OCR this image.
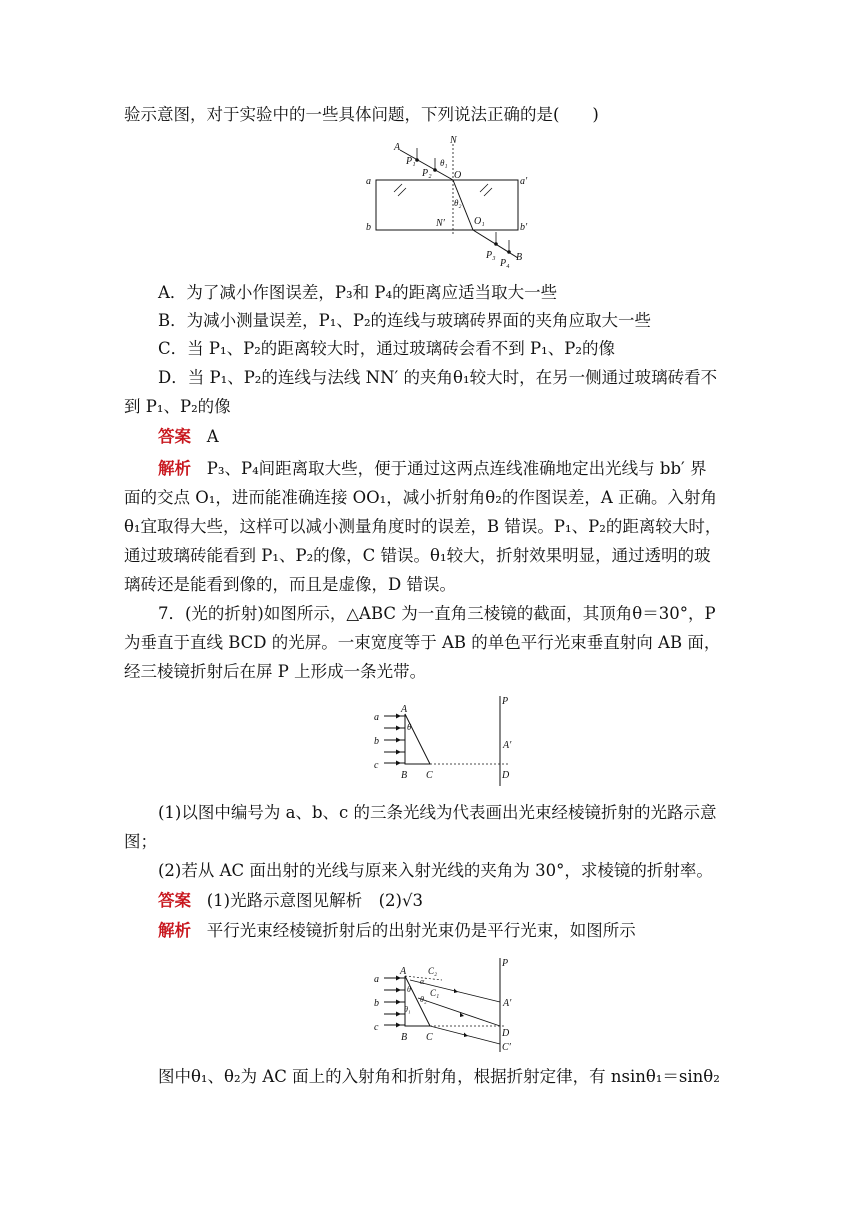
验示意图，对于实验中的一些具体问题，下列说法正确的是(　　)
A
N
P₁
P₂
θ₁
O
a	a′
b	b′
θ₂
N′	O₁
P₃
P₄
B
A．为了减小作图误差，P₃和 P₄的距离应适当取大一些
B．为减小测量误差，P₁、P₂的连线与玻璃砖界面的夹角应取大一些
C．当 P₁、P₂的距离较大时，通过玻璃砖会看不到 P₁、P₂的像
D．当 P₁、P₂的连线与法线 NN′ 的夹角θ₁较大时，在另一侧通过玻璃砖看不
到 P₁、P₂的像
答案 A
解析 P₃、P₄间距离取大些，便于通过这两点连线准确地定出光线与 bb′ 界
面的交点 O₁，进而能准确连接 OO₁，减小折射角θ₂的作图误差，A 正确。入射角
θ₁宜取得大些，这样可以减小测量角度时的误差，B 错误。P₁、P₂的距离较大时，
通过玻璃砖能看到 P₁、P₂的像，C 错误。θ₁较大，折射效果明显，通过透明的玻
璃砖还是能看到像的，而且是虚像，D 错误。
7．(光的折射)如图所示，△ABC 为一直角三棱镜的截面，其顶角θ＝30°，P
为垂直于直线 BCD 的光屏。一束宽度等于 AB 的单色平行光束垂直射向 AB 面，
经三棱镜折射后在屏 P 上形成一条光带。
P
a
b
c
A
θ
A′
B C	D
(1)以图中编号为 a、b、c 的三条光线为代表画出光束经棱镜折射的光路示意
图；
(2)若从 AC 面出射的光线与原来入射光线的夹角为 30°，求棱镜的折射率。
答案 (1)光路示意图见解析　(2)√3
解析 平行光束经棱镜折射后的出射光束仍是平行光束，如图所示
P
a
b
c
A C₂
α
C₁
θ
θ₁
θ₂	A′
B C	D
C′
图中θ₁、θ₂为 AC 面上的入射角和折射角，根据折射定律，有 nsinθ₁＝sinθ₂
